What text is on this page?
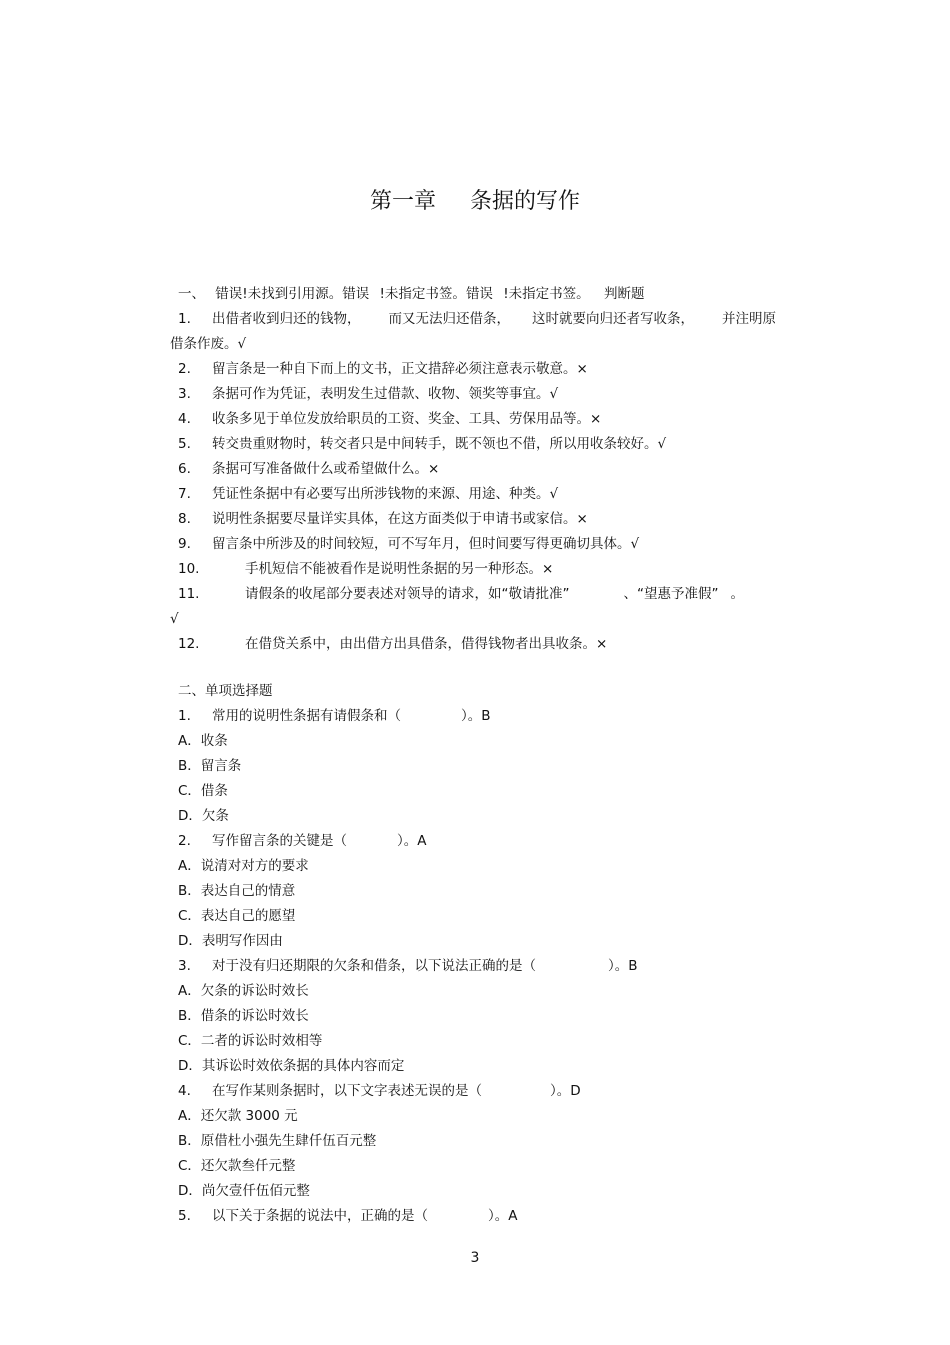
第一章 条据的写作
一、 错误!未找到引用源。错误 !未指定书签。错误 !未指定书签。 判断题
1. 出借者收到归还的钱物， 而又无法归还借条， 这时就要向归还者写收条， 并注明原
借条作废。√
2. 留言条是一种自下而上的文书，正文措辞必须注意表示敬意。×
3. 条据可作为凭证，表明发生过借款、收物、领奖等事宜。√
4. 收条多见于单位发放给职员的工资、奖金、工具、劳保用品等。×
5. 转交贵重财物时，转交者只是中间转手，既不领也不借，所以用收条较好。√
6. 条据可写准备做什么或希望做什么。×
7. 凭证性条据中有必要写出所涉钱物的来源、用途、种类。√
8. 说明性条据要尽量详实具体，在这方面类似于申请书或家信。×
9. 留言条中所涉及的时间较短，可不写年月，但时间要写得更确切具体。√
10.	手机短信不能被看作是说明性条据的另一种形态。×
11.	请假条的收尾部分要表述对领导的请求，如“敬请批准”	、“望惠予准假” 。
√
12.	在借贷关系中，由出借方出具借条，借得钱物者出具收条。×
二、单项选择题
1. 常用的说明性条据有请假条和（	）。B
A．收条
B．留言条
C．借条
D．欠条
2. 写作留言条的关键是（	）。A
A．说清对对方的要求
B．表达自己的情意
C．表达自己的愿望
D．表明写作因由
3. 对于没有归还期限的欠条和借条，以下说法正确的是（	）。B
A．欠条的诉讼时效长
B．借条的诉讼时效长
C．二者的诉讼时效相等
D．其诉讼时效依条据的具体内容而定
4. 在写作某则条据时，以下文字表述无误的是（	）。D
A．还欠款 3000 元
B．原借杜小强先生肆仟伍百元整
C．还欠款叁仟元整
D．尚欠壹仟伍佰元整
5. 以下关于条据的说法中，正确的是（	）。A
3
